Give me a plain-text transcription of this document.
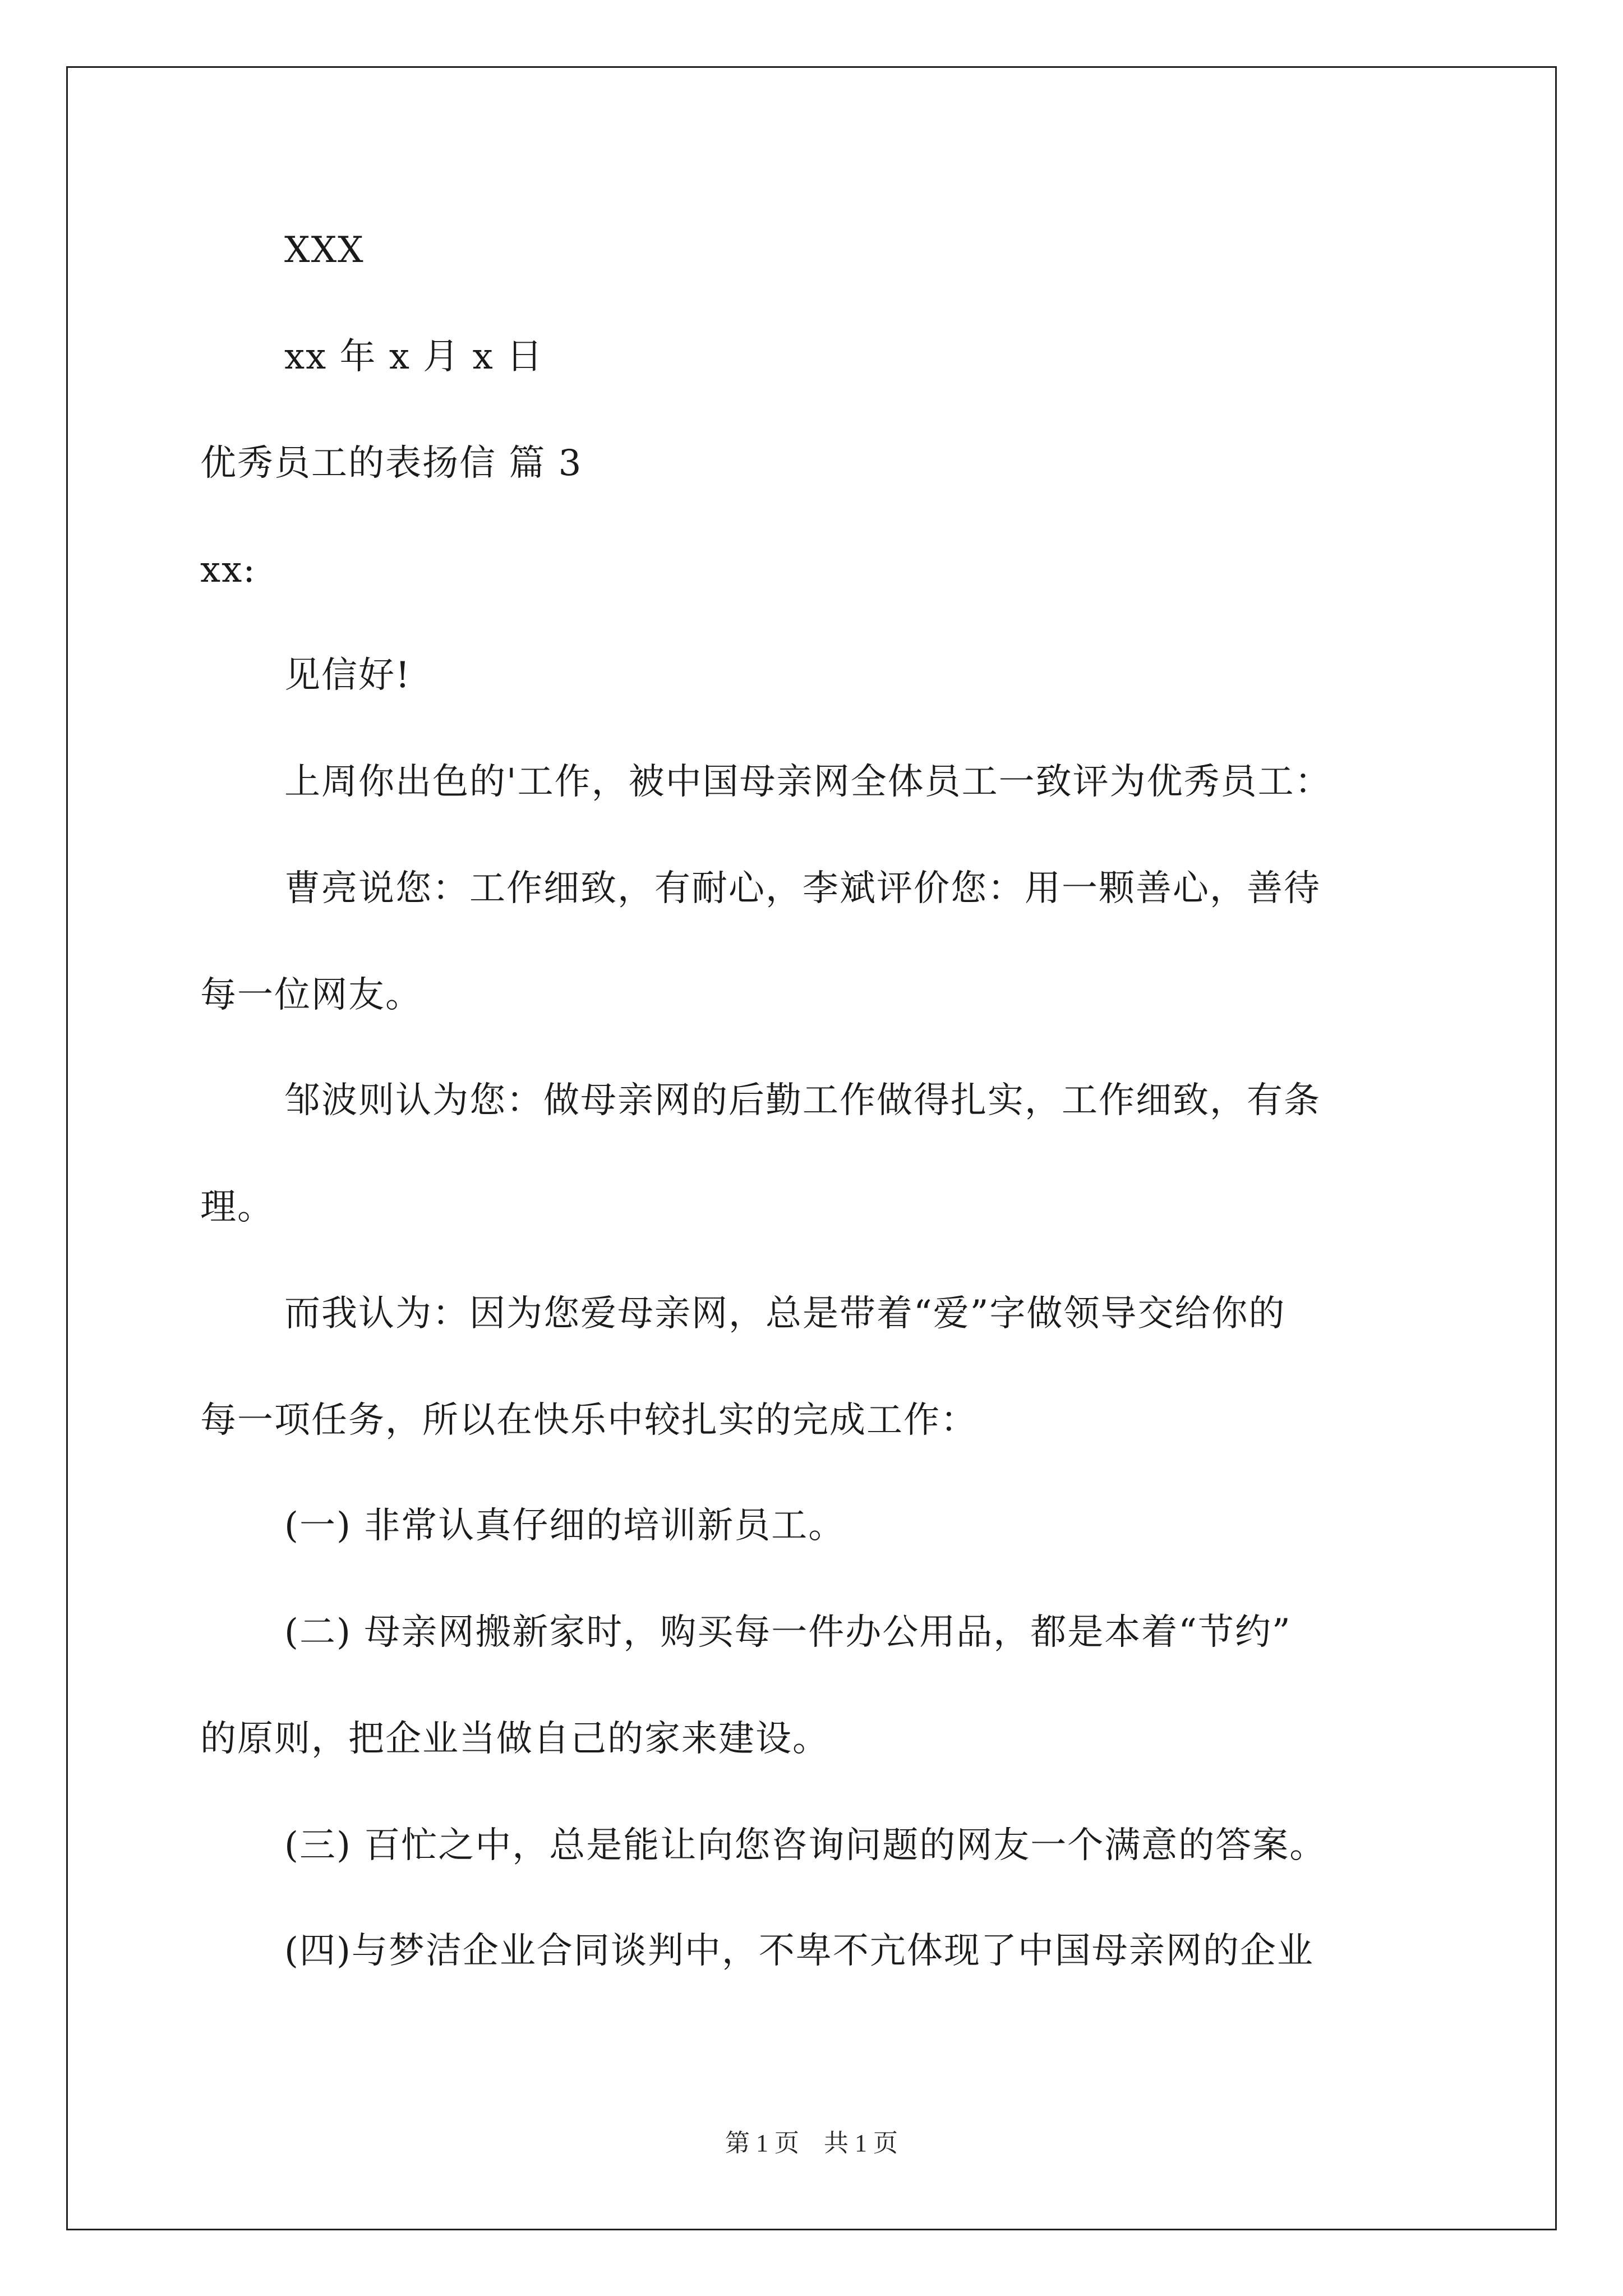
XXX
xx 年 x 月 x 日
优秀员工的表扬信 篇 3
xx:
见信好!
上周你出色的'工作，被中国母亲网全体员工一致评为优秀员工：
曹亮说您：工作细致，有耐心，李斌评价您：用一颗善心，善待
每一位网友。
邹波则认为您：做母亲网的后勤工作做得扎实，工作细致，有条
理。
而我认为：因为您爱母亲网，总是带着“爱”字做领导交给你的
每一项任务，所以在快乐中较扎实的完成工作：
(一) 非常认真仔细的培训新员工。
(二) 母亲网搬新家时，购买每一件办公用品，都是本着“节约”
的原则，把企业当做自己的家来建设。
(三) 百忙之中，总是能让向您咨询问题的网友一个满意的答案。
(四)与梦洁企业合同谈判中，不卑不亢体现了中国母亲网的企业
第 1 页　共 1 页
